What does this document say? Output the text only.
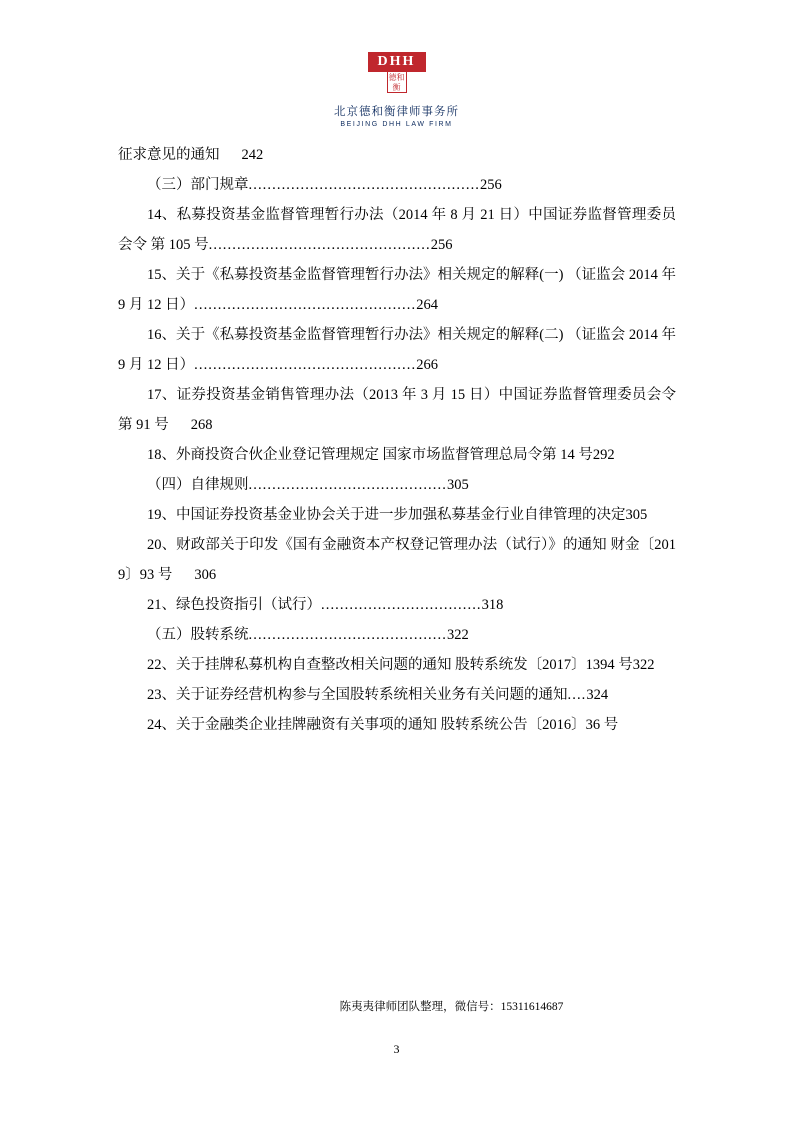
DHH
德和衡
北京德和衡律师事务所
BEIJING DHH LAW FIRM

征求意见的通知 242

（三）部门规章.................................................256

14、私募投资基金监督管理暂行办法（2014 年 8 月 21 日）中国证券监督管理委员会令 第 105 号...............................................256

15、关于《私募投资基金监督管理暂行办法》相关规定的解释(一) （证监会 2014 年 9 月 12 日）...............................................264

16、关于《私募投资基金监督管理暂行办法》相关规定的解释(二) （证监会 2014 年 9 月 12 日）...............................................266

17、证券投资基金销售管理办法（2013 年 3 月 15 日）中国证券监督管理委员会令第 91 号 268

18、外商投资合伙企业登记管理规定 国家市场监督管理总局令第 14 号292

（四）自律规则..........................................305

19、中国证券投资基金业协会关于进一步加强私募基金行业自律管理的决定305

20、财政部关于印发《国有金融资本产权登记管理办法（试行）》的通知 财金〔2019〕93 号 306

21、绿色投资指引（试行）..................................318

（五）股转系统..........................................322

22、关于挂牌私募机构自查整改相关问题的通知 股转系统发〔2017〕1394 号322

23、关于证券经营机构参与全国股转系统相关业务有关问题的通知....324

24、关于金融类企业挂牌融资有关事项的通知 股转系统公告〔2016〕36 号

陈夷夷律师团队整理，微信号：15311614687
3
